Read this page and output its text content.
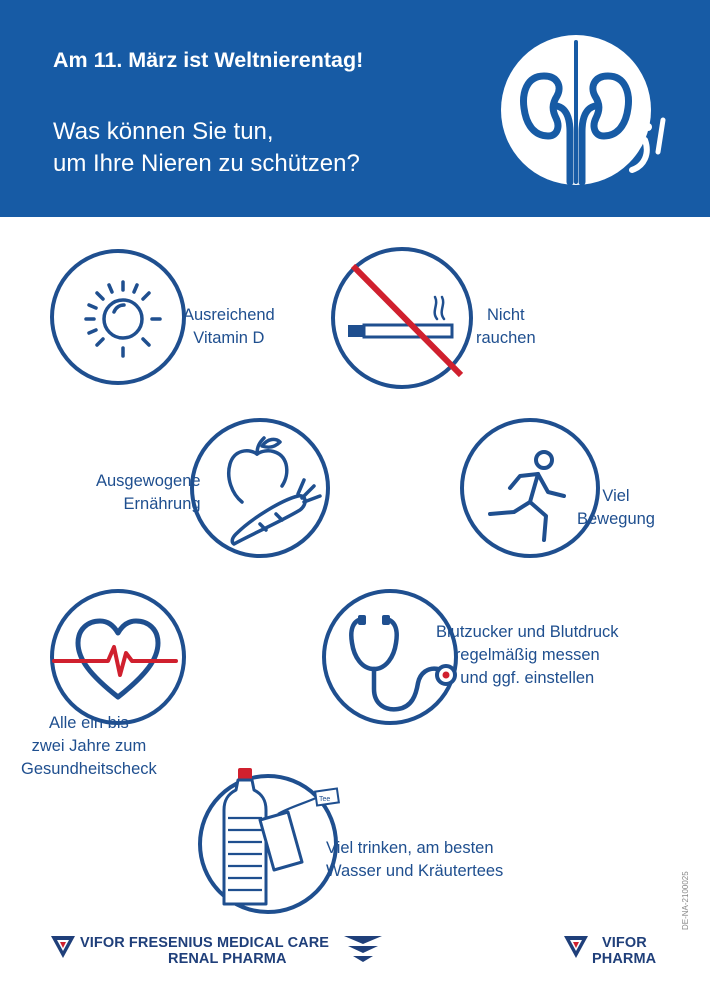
Am 11. März ist Weltnierentag!
Was können Sie tun,
um Ihre Nieren zu schützen?
Ausreichend
Vitamin D
Nicht
rauchen
Ausgewogene
Ernährung	Viel
Bewegung
Alle ein bis
zwei Jahre zum
Gesundheitscheck
Blutzucker und Blutdruck
regelmäßig messen
und ggf. einstellen
Tee
Viel trinken, am besten
Wasser und Kräutertees
DE-NA-2100025
VIFOR FRESENIUS MEDICAL CARE
RENAL PHARMA
VIFOR
PHARMA
